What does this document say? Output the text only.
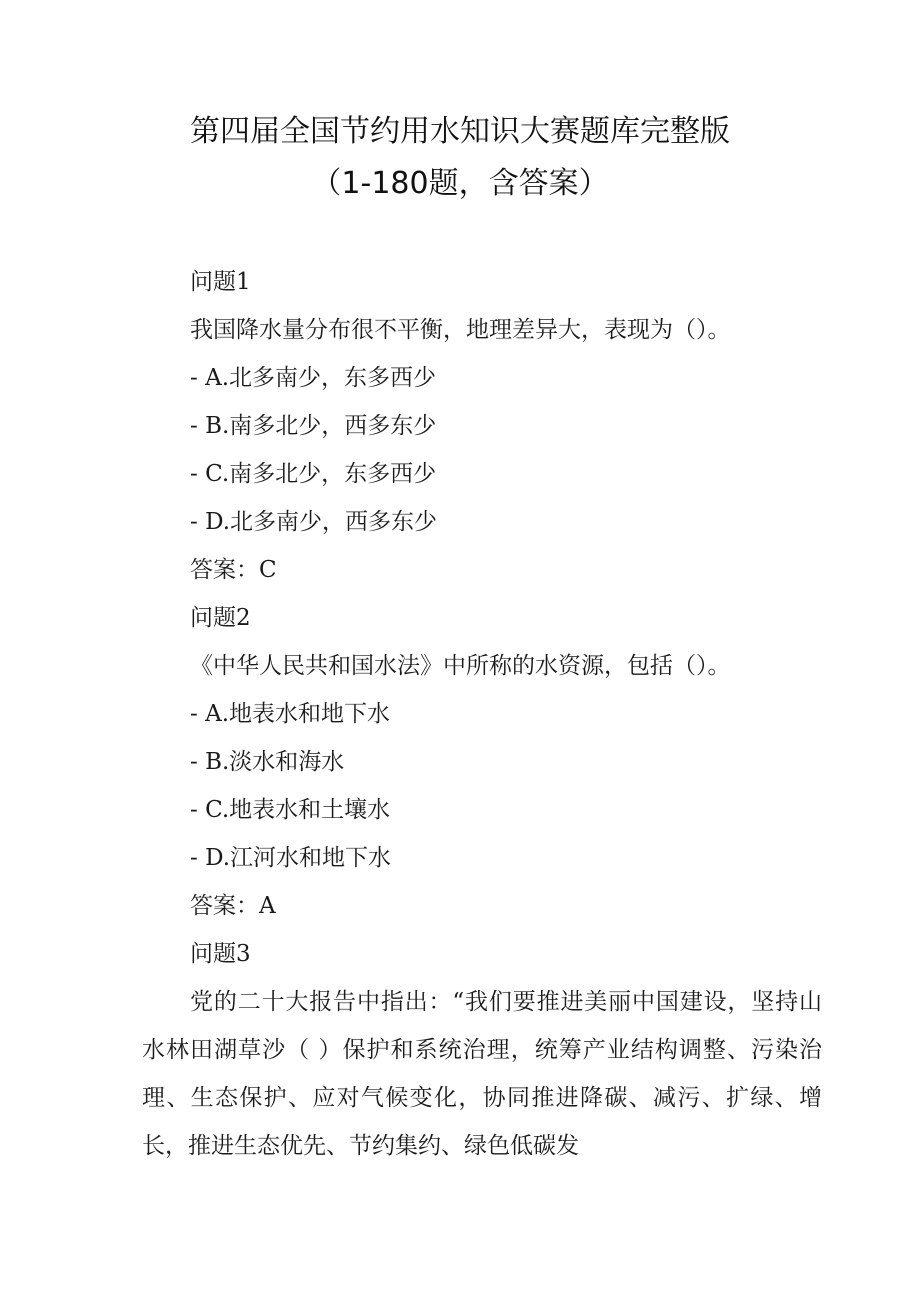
第四届全国节约用水知识大赛题库完整版
（1-180题，含答案）
问题1
我国降水量分布很不平衡，地理差异大，表现为（）。
- A.北多南少，东多西少
- B.南多北少，西多东少
- C.南多北少，东多西少
- D.北多南少，西多东少
答案：C
问题2
《中华人民共和国水法》中所称的水资源，包括（）。
- A.地表水和地下水
- B.淡水和海水
- C.地表水和土壤水
- D.江河水和地下水
答案：A
问题3
党的二十大报告中指出：“我们要推进美丽中国建设，坚持山水林田湖草沙（ ）保护和系统治理，统筹产业结构调整、污染治理、生态保护、应对气候变化，协同推进降碳、减污、扩绿、增长，推进生态优先、节约集约、绿色低碳发
